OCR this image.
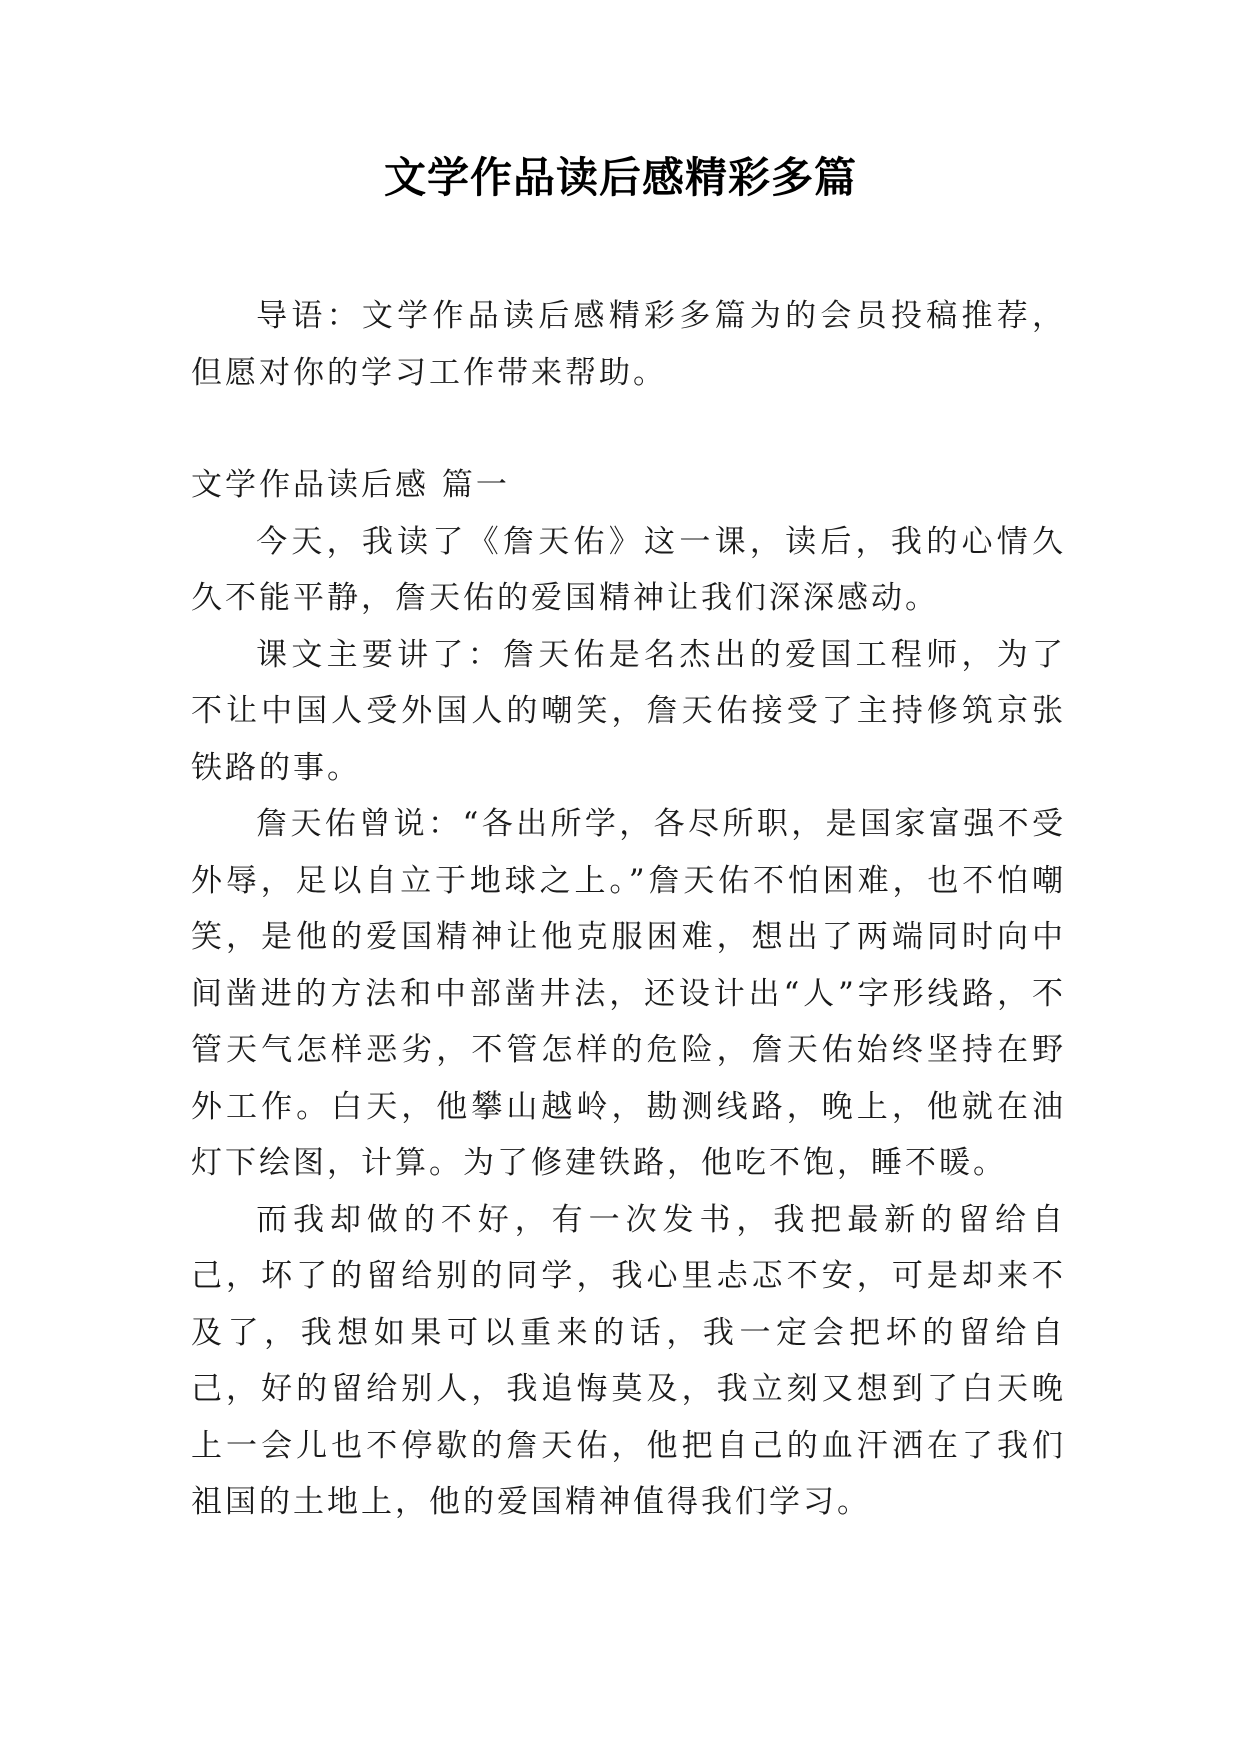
文学作品读后感精彩多篇

导语：文学作品读后感精彩多篇为的会员投稿推荐，但愿对你的学习工作带来帮助。

文学作品读后感 篇一

今天，我读了《詹天佑》这一课，读后，我的心情久久不能平静，詹天佑的爱国精神让我们深深感动。

课文主要讲了：詹天佑是名杰出的爱国工程师，为了不让中国人受外国人的嘲笑，詹天佑接受了主持修筑京张铁路的事。

詹天佑曾说：“各出所学，各尽所职，是国家富强不受外辱，足以自立于地球之上。”詹天佑不怕困难，也不怕嘲笑，是他的爱国精神让他克服困难，想出了两端同时向中间凿进的方法和中部凿井法，还设计出“人”字形线路，不管天气怎样恶劣，不管怎样的危险，詹天佑始终坚持在野外工作。白天，他攀山越岭，勘测线路，晚上，他就在油灯下绘图，计算。为了修建铁路，他吃不饱，睡不暖。

而我却做的不好，有一次发书，我把最新的留给自己，坏了的留给别的同学，我心里忐忑不安，可是却来不及了，我想如果可以重来的话，我一定会把坏的留给自己，好的留给别人，我追悔莫及，我立刻又想到了白天晚上一会儿也不停歇的詹天佑，他把自己的血汗洒在了我们祖国的土地上，他的爱国精神值得我们学习。
